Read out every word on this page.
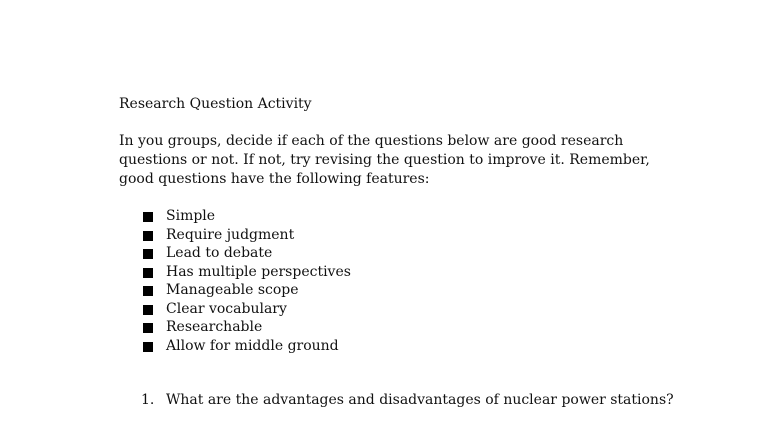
Research Question Activity
In you groups, decide if each of the questions below are good research questions or not. If not, try revising the question to improve it. Remember, good questions have the following features:
Simple
Require judgment
Lead to debate
Has multiple perspectives
Manageable scope
Clear vocabulary
Researchable
Allow for middle ground
1. What are the advantages and disadvantages of nuclear power stations?
